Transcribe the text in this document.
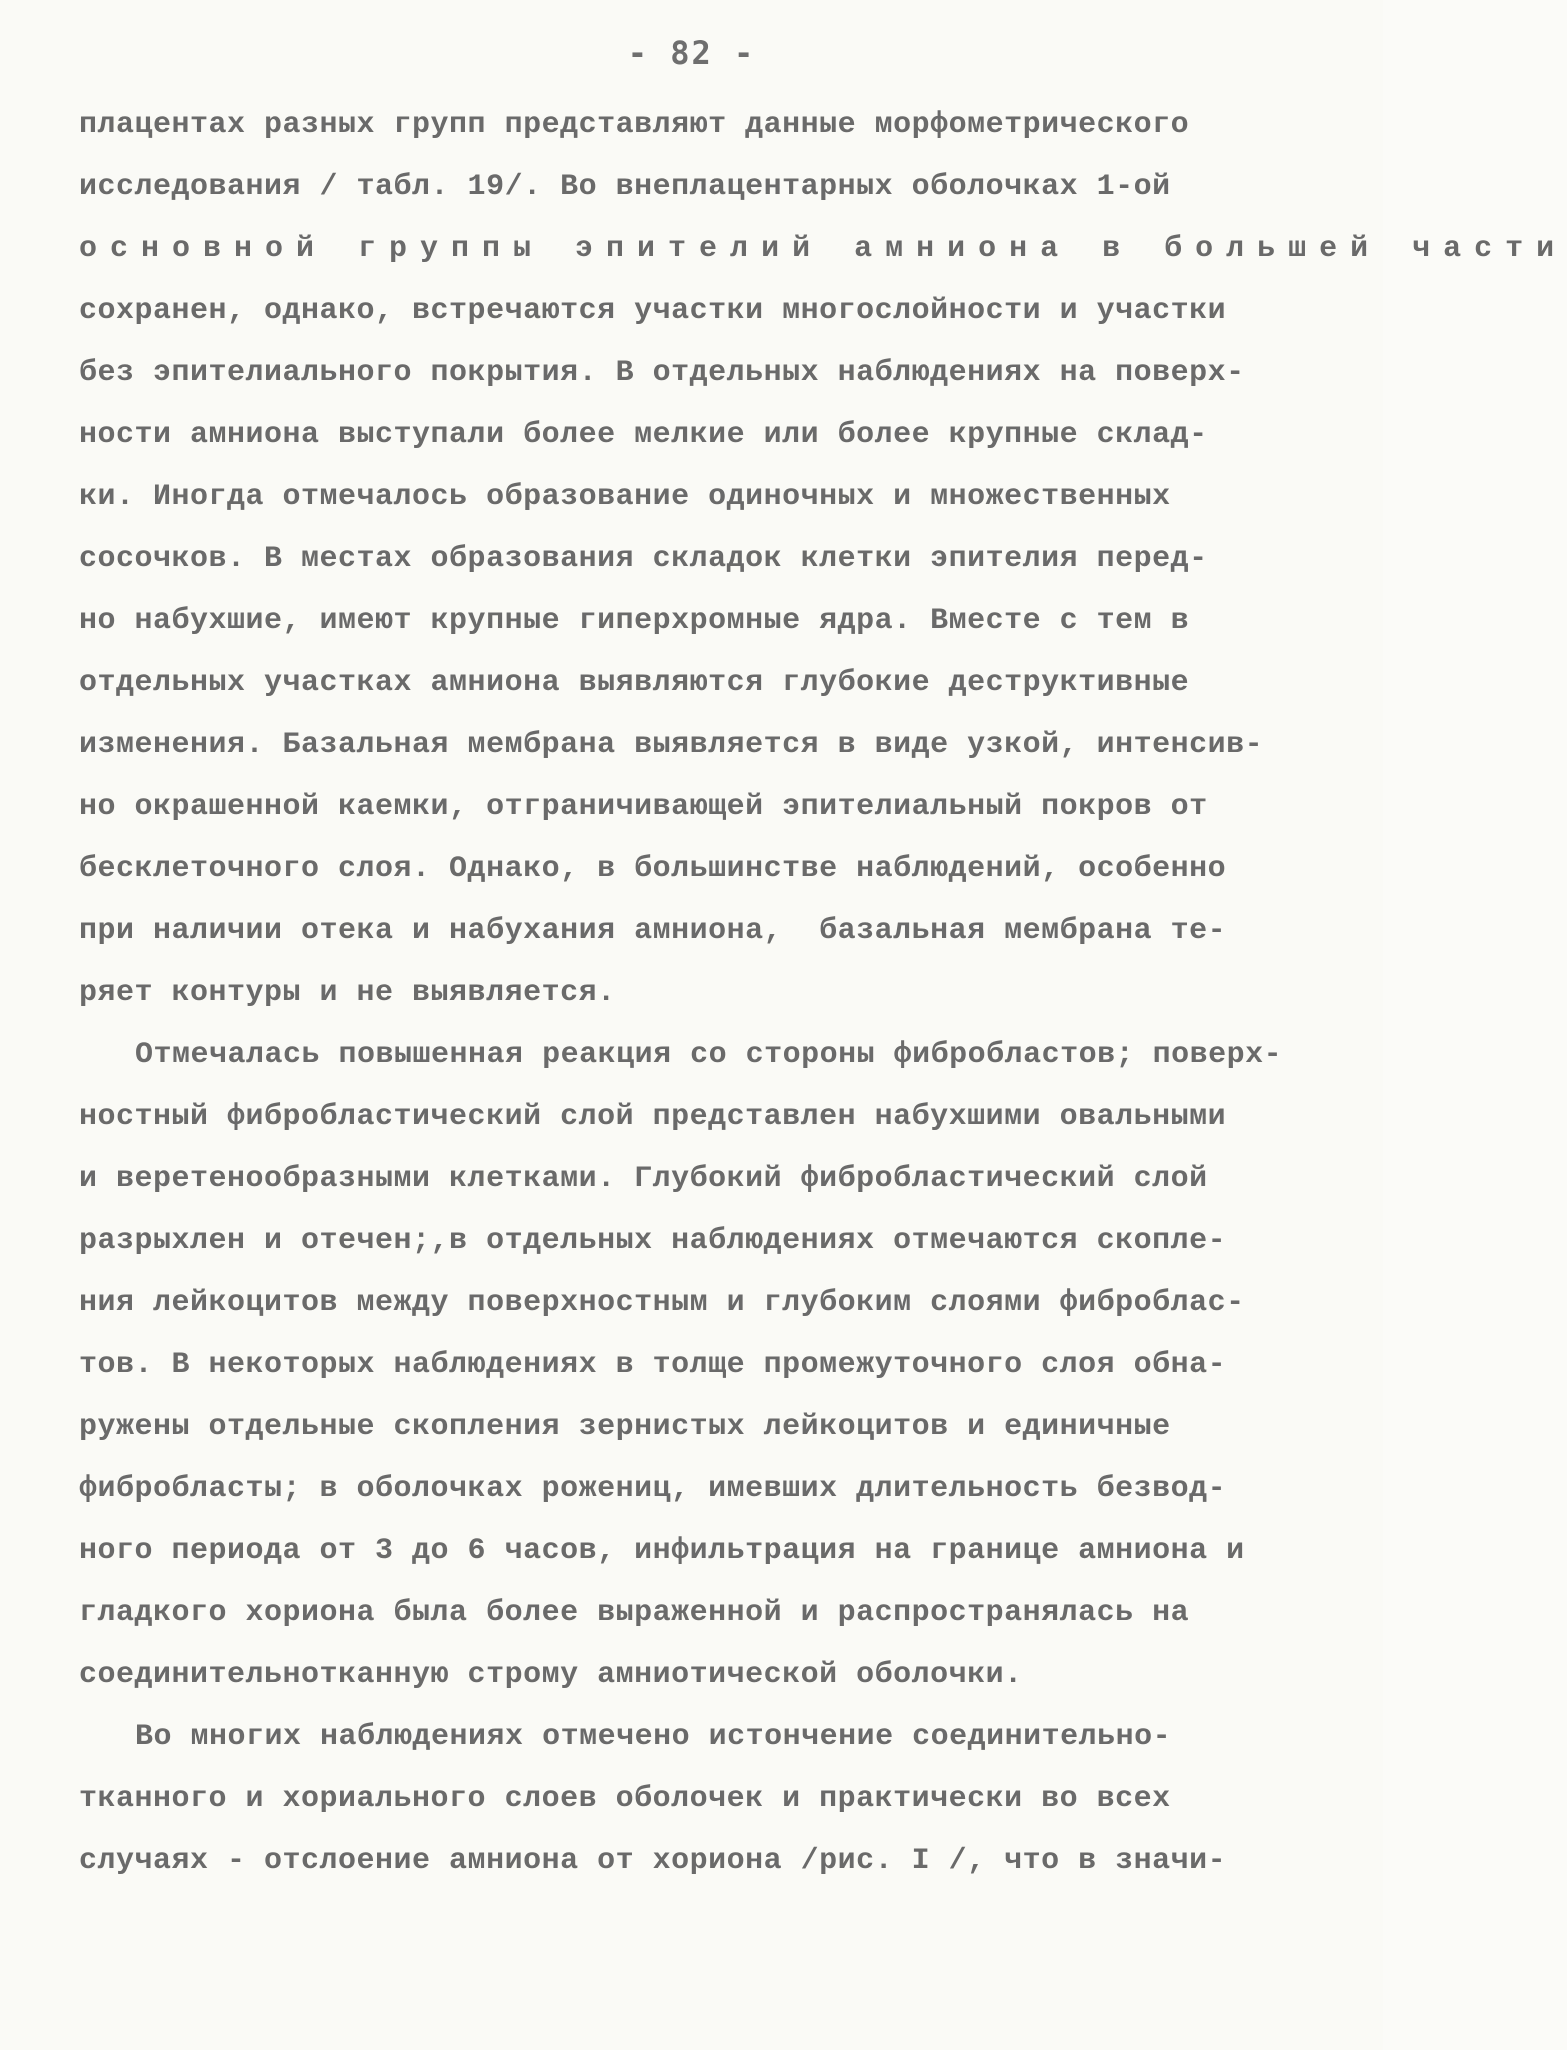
- 82 -
плацентах разных групп представляют данные морфометрического
исследования / табл. 19/. Во внеплацентарных оболочках 1-ой
основной группы эпителий амниона в большей части
сохранен, однако, встречаются участки многослойности и участки
без эпителиального покрытия. В отдельных наблюдениях на поверх-
ности амниона выступали более мелкие или более крупные склад-
ки. Иногда отмечалось образование одиночных и множественных
сосочков. В местах образования складок клетки эпителия перед-
но набухшие, имеют крупные гиперхромные ядра. Вместе с тем в
отдельных участках амниона выявляются глубокие деструктивные
изменения. Базальная мембрана выявляется в виде узкой, интенсив-
но окрашенной каемки, отграничивающей эпителиальный покров от
бесклеточного слоя. Однако, в большинстве наблюдений, особенно
при наличии отека и набухания амниона,  базальная мембрана те-
ряет контуры и не выявляется.
Отмечалась повышенная реакция со стороны фибробластов; поверх-
ностный фибробластический слой представлен набухшими овальными
и веретенообразными клетками. Глубокий фибробластический слой
разрыхлен и отечен;,в отдельных наблюдениях отмечаются скопле-
ния лейкоцитов между поверхностным и глубоким слоями фиброблас-
тов. В некоторых наблюдениях в толще промежуточного слоя обна-
ружены отдельные скопления зернистых лейкоцитов и единичные
фибробласты; в оболочках рожениц, имевших длительность безвод-
ного периода от 3 до 6 часов, инфильтрация на границе амниона и
гладкого хориона была более выраженной и распространялась на
соединительнотканную строму амниотической оболочки.
Во многих наблюдениях отмечено истончение соединительно-
тканного и хориального слоев оболочек и практически во всех
случаях - отслоение амниона от хориона /рис. I /, что в значи-
